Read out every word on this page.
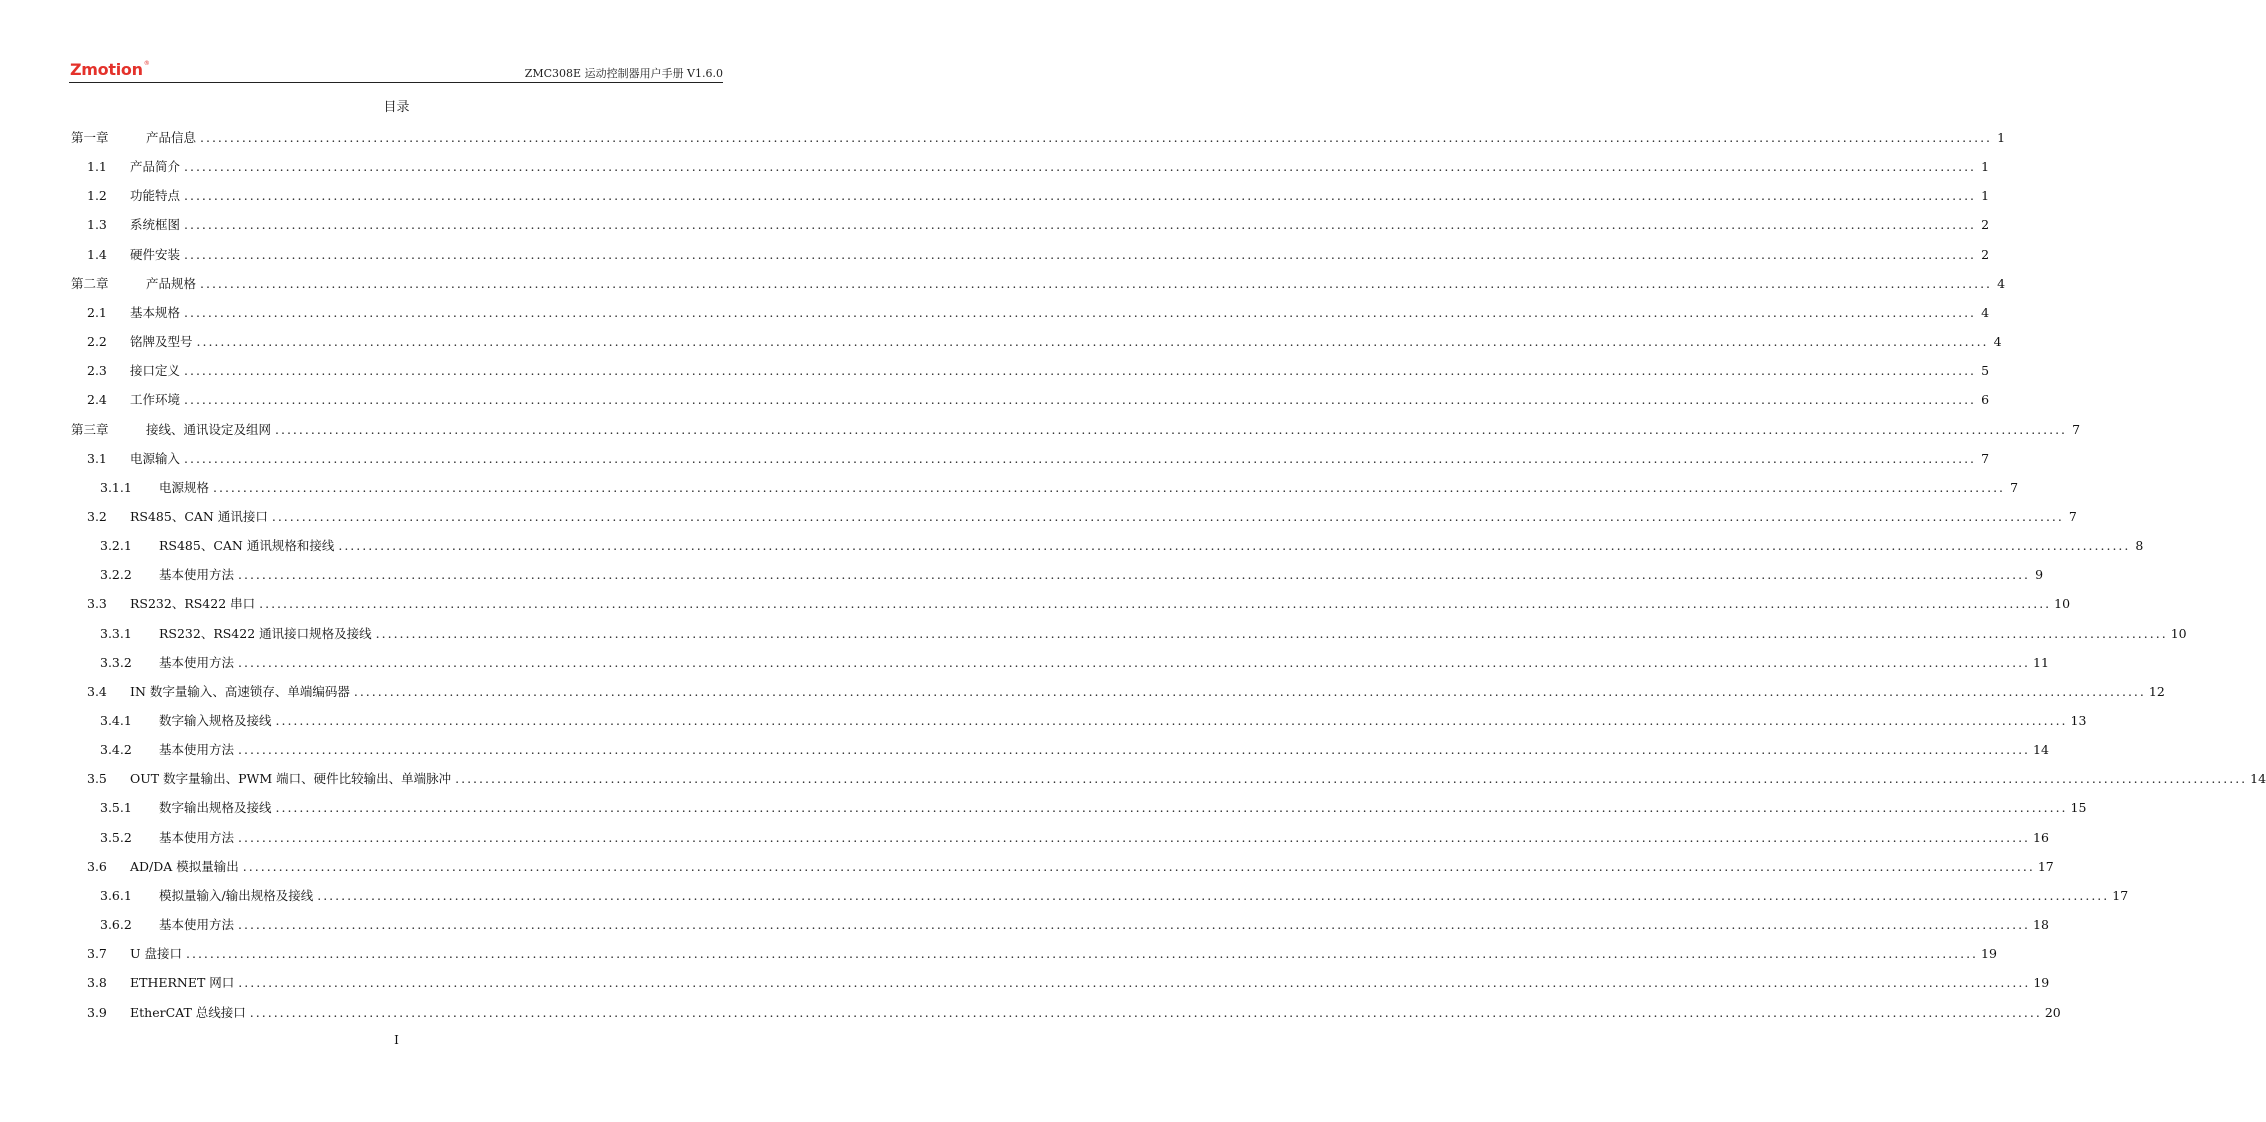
Zmotion®
ZMC308E 运动控制器用户手册 V1.6.0
目录
第一章	产品信息 ............................................................................................................................................................................................................................................................................................................ 1
1.1	产品简介 ............................................................................................................................................................................................................................................................................................................ 1
1.2	功能特点 ............................................................................................................................................................................................................................................................................................................ 1
1.3	系统框图 ............................................................................................................................................................................................................................................................................................................ 2
1.4	硬件安装 ............................................................................................................................................................................................................................................................................................................ 2
第二章	产品规格 ............................................................................................................................................................................................................................................................................................................ 4
2.1	基本规格 ............................................................................................................................................................................................................................................................................................................ 4
2.2	铭牌及型号 ............................................................................................................................................................................................................................................................................................................ 4
2.3	接口定义 ............................................................................................................................................................................................................................................................................................................ 5
2.4	工作环境 ............................................................................................................................................................................................................................................................................................................ 6
第三章	接线、通讯设定及组网 ............................................................................................................................................................................................................................................................................................................ 7
3.1	电源输入 ............................................................................................................................................................................................................................................................................................................ 7
3.1.1	电源规格 ............................................................................................................................................................................................................................................................................................................ 7
3.2	RS485、CAN 通讯接口 ............................................................................................................................................................................................................................................................................................................ 7
3.2.1	RS485、CAN 通讯规格和接线 ............................................................................................................................................................................................................................................................................................................ 8
3.2.2	基本使用方法 ............................................................................................................................................................................................................................................................................................................ 9
3.3	RS232、RS422 串口 ............................................................................................................................................................................................................................................................................................................ 10
3.3.1	RS232、RS422 通讯接口规格及接线 ............................................................................................................................................................................................................................................................................................................ 10
3.3.2	基本使用方法 ............................................................................................................................................................................................................................................................................................................ 11
3.4	IN 数字量输入、高速锁存、单端编码器 ............................................................................................................................................................................................................................................................................................................ 12
3.4.1	数字输入规格及接线 ............................................................................................................................................................................................................................................................................................................ 13
3.4.2	基本使用方法 ............................................................................................................................................................................................................................................................................................................ 14
3.5	OUT 数字量输出、PWM 端口、硬件比较输出、单端脉冲 ............................................................................................................................................................................................................................................................................................................ 14
3.5.1	数字输出规格及接线 ............................................................................................................................................................................................................................................................................................................ 15
3.5.2	基本使用方法 ............................................................................................................................................................................................................................................................................................................ 16
3.6	AD/DA 模拟量输出 ............................................................................................................................................................................................................................................................................................................ 17
3.6.1	模拟量输入/输出规格及接线 ............................................................................................................................................................................................................................................................................................................ 17
3.6.2	基本使用方法 ............................................................................................................................................................................................................................................................................................................ 18
3.7	U 盘接口 ............................................................................................................................................................................................................................................................................................................ 19
3.8	ETHERNET 网口 ............................................................................................................................................................................................................................................................................................................ 19
3.9	EtherCAT 总线接口 ............................................................................................................................................................................................................................................................................................................ 20
I
